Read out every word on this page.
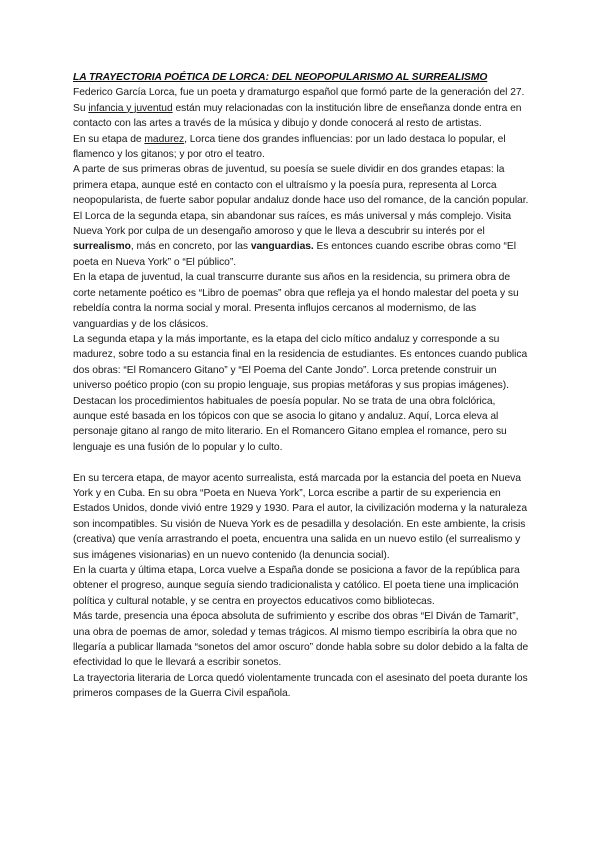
LA TRAYECTORIA POÉTICA DE LORCA: DEL NEOPOPULARISMO AL SURREALISMO

Federico García Lorca, fue un poeta y dramaturgo español que formó parte de la generación del 27.

Su infancia y juventud están muy relacionadas con la institución libre de enseñanza donde entra en contacto con las artes a través de la música y dibujo y donde conocerá al resto de artistas.

En su etapa de madurez, Lorca tiene dos grandes influencias: por un lado destaca lo popular, el flamenco y los gitanos; y por otro el teatro.

A parte de sus primeras obras de juventud, su poesía se suele dividir en dos grandes etapas: la primera etapa, aunque esté en contacto con el ultraísmo y la poesía pura, representa al Lorca neopopularista, de fuerte sabor popular andaluz donde hace uso del romance, de la canción popular. El Lorca de la segunda etapa, sin abandonar sus raíces, es más universal y más complejo. Visita Nueva York por culpa de un desengaño amoroso y que le lleva a descubrir su interés por el surrealismo, más en concreto, por las vanguardias. Es entonces cuando escribe obras como “El poeta en Nueva York” o “El público”.

En la etapa de juventud, la cual transcurre durante sus años en la residencia, su primera obra de corte netamente poético es “Libro de poemas” obra que refleja ya el hondo malestar del poeta y su rebeldía contra la norma social y moral. Presenta influjos cercanos al modernismo, de las vanguardias y de los clásicos.

La segunda etapa y la más importante, es la etapa del ciclo mítico andaluz y corresponde a su madurez, sobre todo a su estancia final en la residencia de estudiantes. Es entonces cuando publica dos obras: “El Romancero Gitano” y “El Poema del Cante Jondo”. Lorca pretende construir un universo poético propio (con su propio lenguaje, sus propias metáforas y sus propias imágenes). Destacan los procedimientos habituales de poesía popular. No se trata de una obra folclórica, aunque esté basada en los tópicos con que se asocia lo gitano y andaluz. Aquí, Lorca eleva al personaje gitano al rango de mito literario. En el Romancero Gitano emplea el romance, pero su lenguaje es una fusión de lo popular y lo culto.

En su tercera etapa, de mayor acento surrealista, está marcada por la estancia del poeta en Nueva York y en Cuba. En su obra “Poeta en Nueva York”, Lorca escribe a partir de su experiencia en Estados Unidos, donde vivió entre 1929 y 1930. Para el autor, la civilización moderna y la naturaleza son incompatibles. Su visión de Nueva York es de pesadilla y desolación. En este ambiente, la crisis (creativa) que venía arrastrando el poeta, encuentra una salida en un nuevo estilo (el surrealismo y sus imágenes visionarias) en un nuevo contenido (la denuncia social).

En la cuarta y última etapa, Lorca vuelve a España donde se posiciona a favor de la república para obtener el progreso, aunque seguía siendo tradicionalista y católico. El poeta tiene una implicación política y cultural notable, y se centra en proyectos educativos como bibliotecas.

Más tarde, presencia una época absoluta de sufrimiento y escribe dos obras “El Diván de Tamarit”, una obra de poemas de amor, soledad y temas trágicos. Al mismo tiempo escribiría la obra que no llegaría a publicar llamada “sonetos del amor oscuro” donde habla sobre su dolor debido a la falta de efectividad lo que le llevará a escribir sonetos.

La trayectoria literaria de Lorca quedó violentamente truncada con el asesinato del poeta durante los primeros compases de la Guerra Civil española.
